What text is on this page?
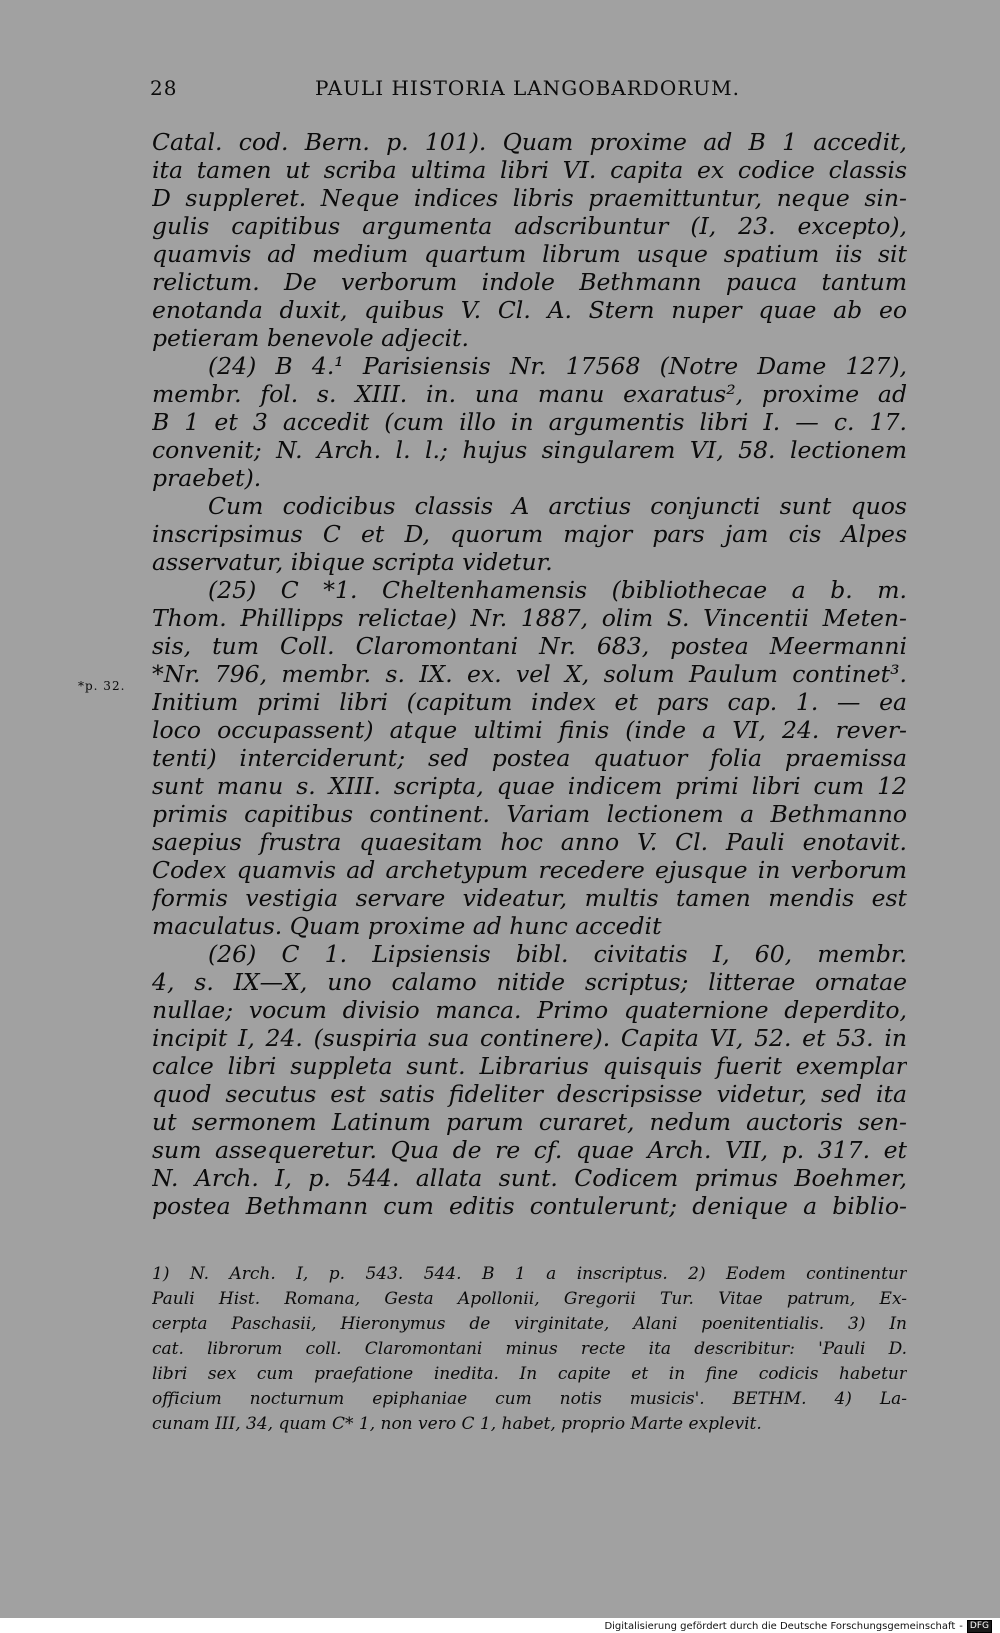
28	PAULI HISTORIA LANGOBARDORUM.
*p. 32.
Catal. cod. Bern. p. 101). Quam proxime ad B 1 accedit,
ita tamen ut scriba ultima libri VI. capita ex codice classis
D suppleret. Neque indices libris praemittuntur, neque sin-
gulis capitibus argumenta adscribuntur (I, 23. excepto),
quamvis ad medium quartum librum usque spatium iis sit
relictum. De verborum indole Bethmann pauca tantum
enotanda duxit, quibus V. Cl. A. Stern nuper quae ab eo
petieram benevole adjecit.
(24) B 4.¹ Parisiensis Nr. 17568 (Notre Dame 127),
membr. fol. s. XIII. in. una manu exaratus², proxime ad
B 1 et 3 accedit (cum illo in argumentis libri I. — c. 17.
convenit; N. Arch. l. l.; hujus singularem VI, 58. lectionem
praebet).
Cum codicibus classis A arctius conjuncti sunt quos
inscripsimus C et D, quorum major pars jam cis Alpes
asservatur, ibique scripta videtur.
(25) C *1. Cheltenhamensis (bibliothecae a b. m.
Thom. Phillipps relictae) Nr. 1887, olim S. Vincentii Meten-
sis, tum Coll. Claromontani Nr. 683, postea Meermanni
*Nr. 796, membr. s. IX. ex. vel X, solum Paulum continet³.
Initium primi libri (capitum index et pars cap. 1. — ea
loco occupassent) atque ultimi finis (inde a VI, 24. rever-
tenti) interciderunt; sed postea quatuor folia praemissa
sunt manu s. XIII. scripta, quae indicem primi libri cum 12
primis capitibus continent. Variam lectionem a Bethmanno
saepius frustra quaesitam hoc anno V. Cl. Pauli enotavit.
Codex quamvis ad archetypum recedere ejusque in verborum
formis vestigia servare videatur, multis tamen mendis est
maculatus. Quam proxime ad hunc accedit
(26) C 1. Lipsiensis bibl. civitatis I, 60, membr.
4, s. IX—X, uno calamo nitide scriptus; litterae ornatae
nullae; vocum divisio manca. Primo quaternione deperdito,
incipit I, 24. (suspiria sua continere). Capita VI, 52. et 53. in
calce libri suppleta sunt. Librarius quisquis fuerit exemplar
quod secutus est satis fideliter descripsisse videtur, sed ita
ut sermonem Latinum parum curaret, nedum auctoris sen-
sum assequeretur. Qua de re cf. quae Arch. VII, p. 317. et
N. Arch. I, p. 544. allata sunt. Codicem primus Boehmer,
postea Bethmann cum editis contulerunt; denique a biblio-
1) N. Arch. I, p. 543. 544. B 1 a inscriptus. 2) Eodem continentur
Pauli Hist. Romana, Gesta Apollonii, Gregorii Tur. Vitae patrum, Ex-
cerpta Paschasii, Hieronymus de virginitate, Alani poenitentialis. 3) In
cat. librorum coll. Claromontani minus recte ita describitur: 'Pauli D.
libri sex cum praefatione inedita. In capite et in fine codicis habetur
officium nocturnum epiphaniae cum notis musicis'. BETHM. 4) La-
cunam III, 34, quam C* 1, non vero C 1, habet, proprio Marte explevit.
Digitalisierung gefördert durch die Deutsche Forschungsgemeinschaft - DFG
